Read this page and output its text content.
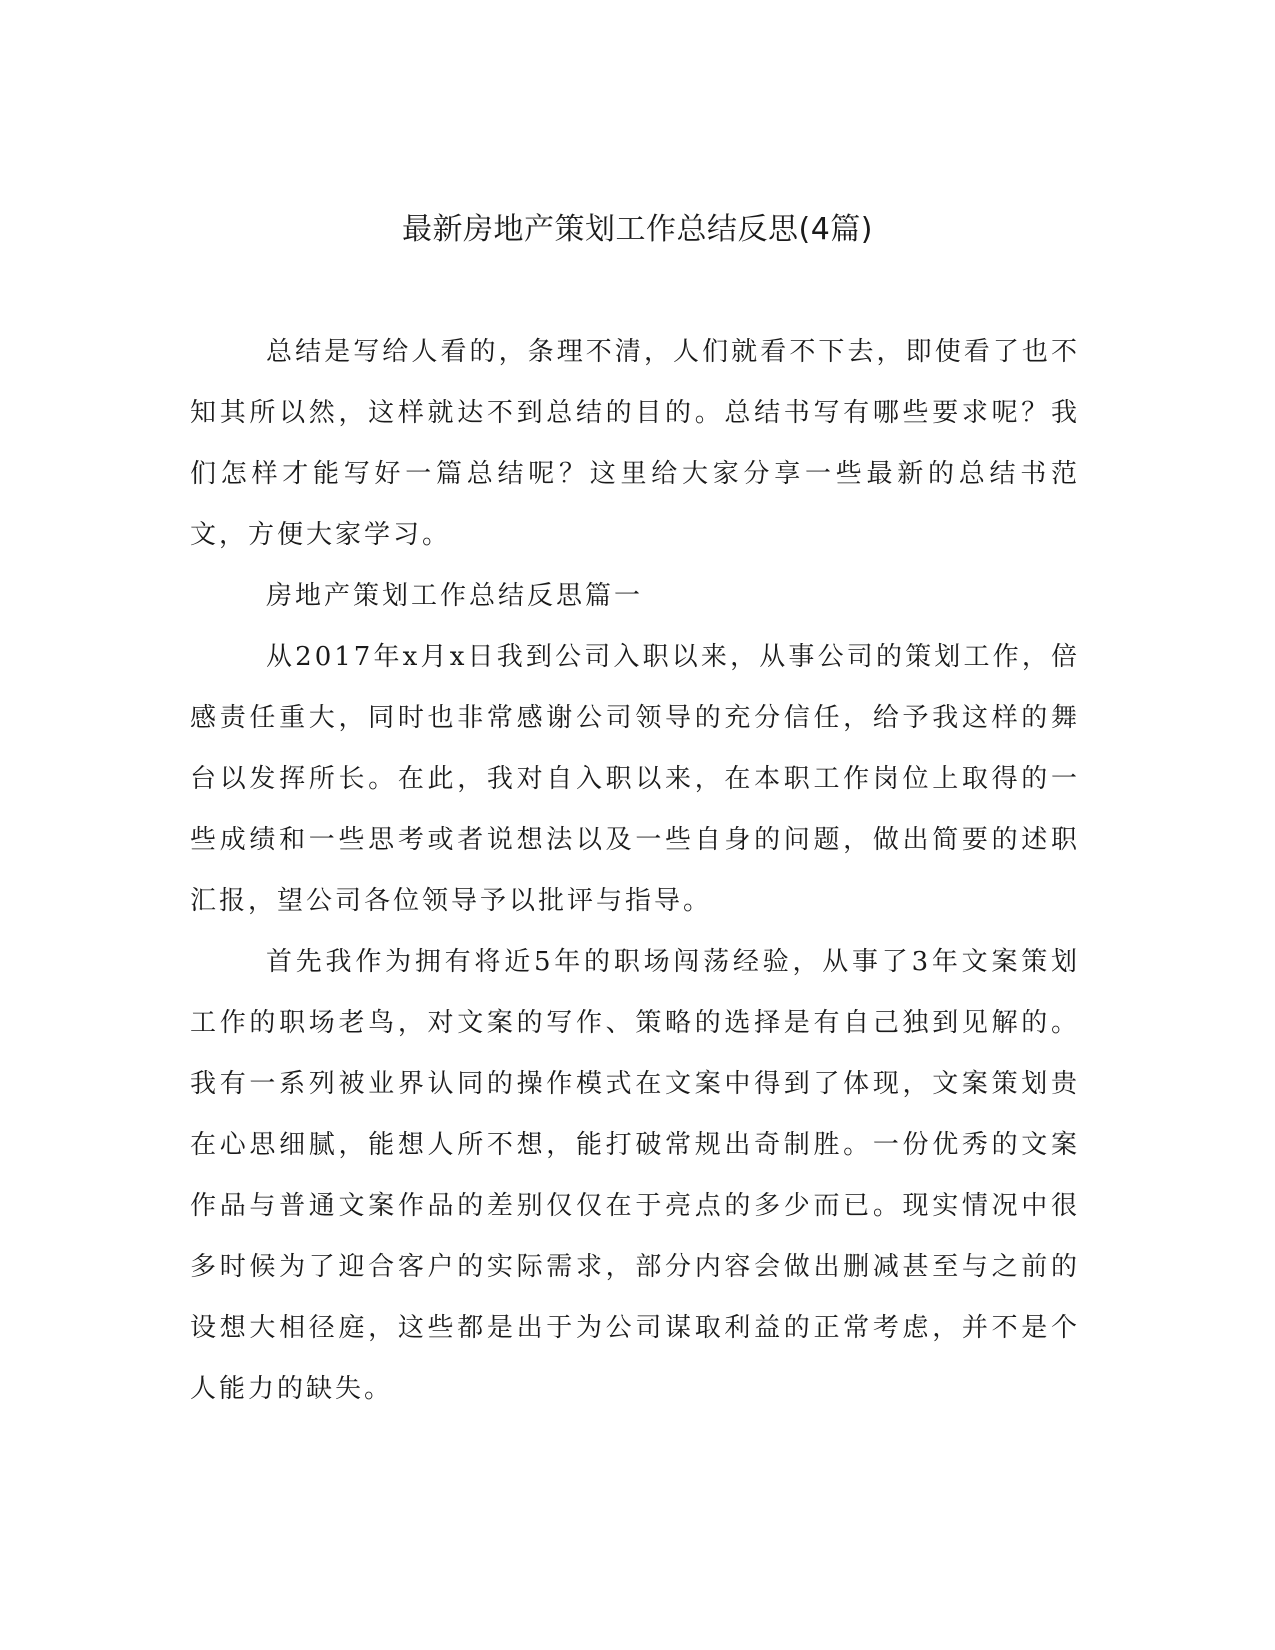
最新房地产策划工作总结反思(4篇)

总结是写给人看的，条理不清，人们就看不下去，即使看了也不知其所以然，这样就达不到总结的目的。总结书写有哪些要求呢？我们怎样才能写好一篇总结呢？这里给大家分享一些最新的总结书范文，方便大家学习。

房地产策划工作总结反思篇一

从2017年x月x日我到公司入职以来，从事公司的策划工作，倍感责任重大，同时也非常感谢公司领导的充分信任，给予我这样的舞台以发挥所长。在此，我对自入职以来，在本职工作岗位上取得的一些成绩和一些思考或者说想法以及一些自身的问题，做出简要的述职汇报，望公司各位领导予以批评与指导。

首先我作为拥有将近5年的职场闯荡经验，从事了3年文案策划工作的职场老鸟，对文案的写作、策略的选择是有自己独到见解的。我有一系列被业界认同的操作模式在文案中得到了体现，文案策划贵在心思细腻，能想人所不想，能打破常规出奇制胜。一份优秀的文案作品与普通文案作品的差别仅仅在于亮点的多少而已。现实情况中很多时候为了迎合客户的实际需求，部分内容会做出删减甚至与之前的设想大相径庭，这些都是出于为公司谋取利益的正常考虑，并不是个人能力的缺失。
